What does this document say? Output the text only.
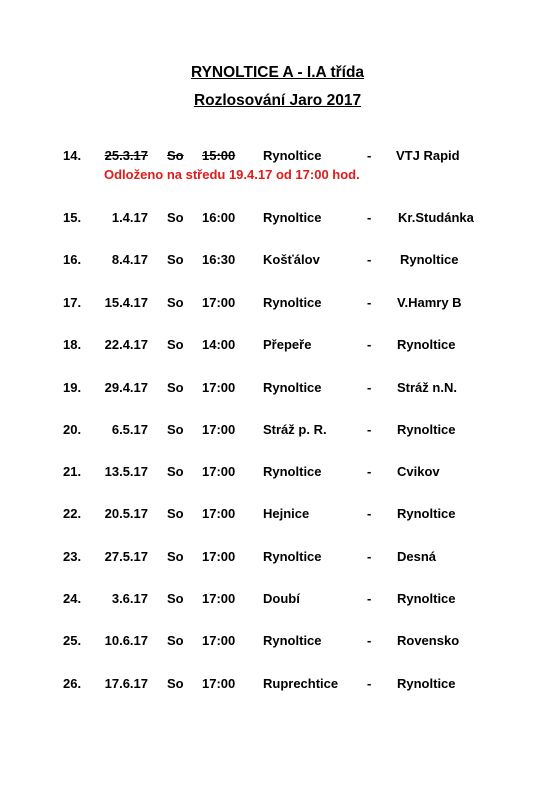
RYNOLTICE A - I.A třída
Rozlosování Jaro 2017
Odloženo na středu 19.4.17 od 17:00 hod.
14. 25.3.17 So 15:00 Rynoltice	- VTJ Rapid
15. 1.4.17 So 16:00 Rynoltice	- Kr.Studánka
16. 8.4.17 So 16:30 Košťálov	- Rynoltice
17. 15.4.17 So 17:00 Rynoltice	- V.Hamry B
18. 22.4.17 So 14:00 Přepeře	- Rynoltice
19. 29.4.17 So 17:00 Rynoltice	- Stráž n.N.
20. 6.5.17 So 17:00 Stráž p. R.	- Rynoltice
21. 13.5.17 So 17:00 Rynoltice	- Cvikov
22. 20.5.17 So 17:00 Hejnice	- Rynoltice
23. 27.5.17 So 17:00 Rynoltice	- Desná
24. 3.6.17 So 17:00 Doubí	- Rynoltice
25. 10.6.17 So 17:00 Rynoltice	- Rovensko
26. 17.6.17 So 17:00 Ruprechtice - Rynoltice
